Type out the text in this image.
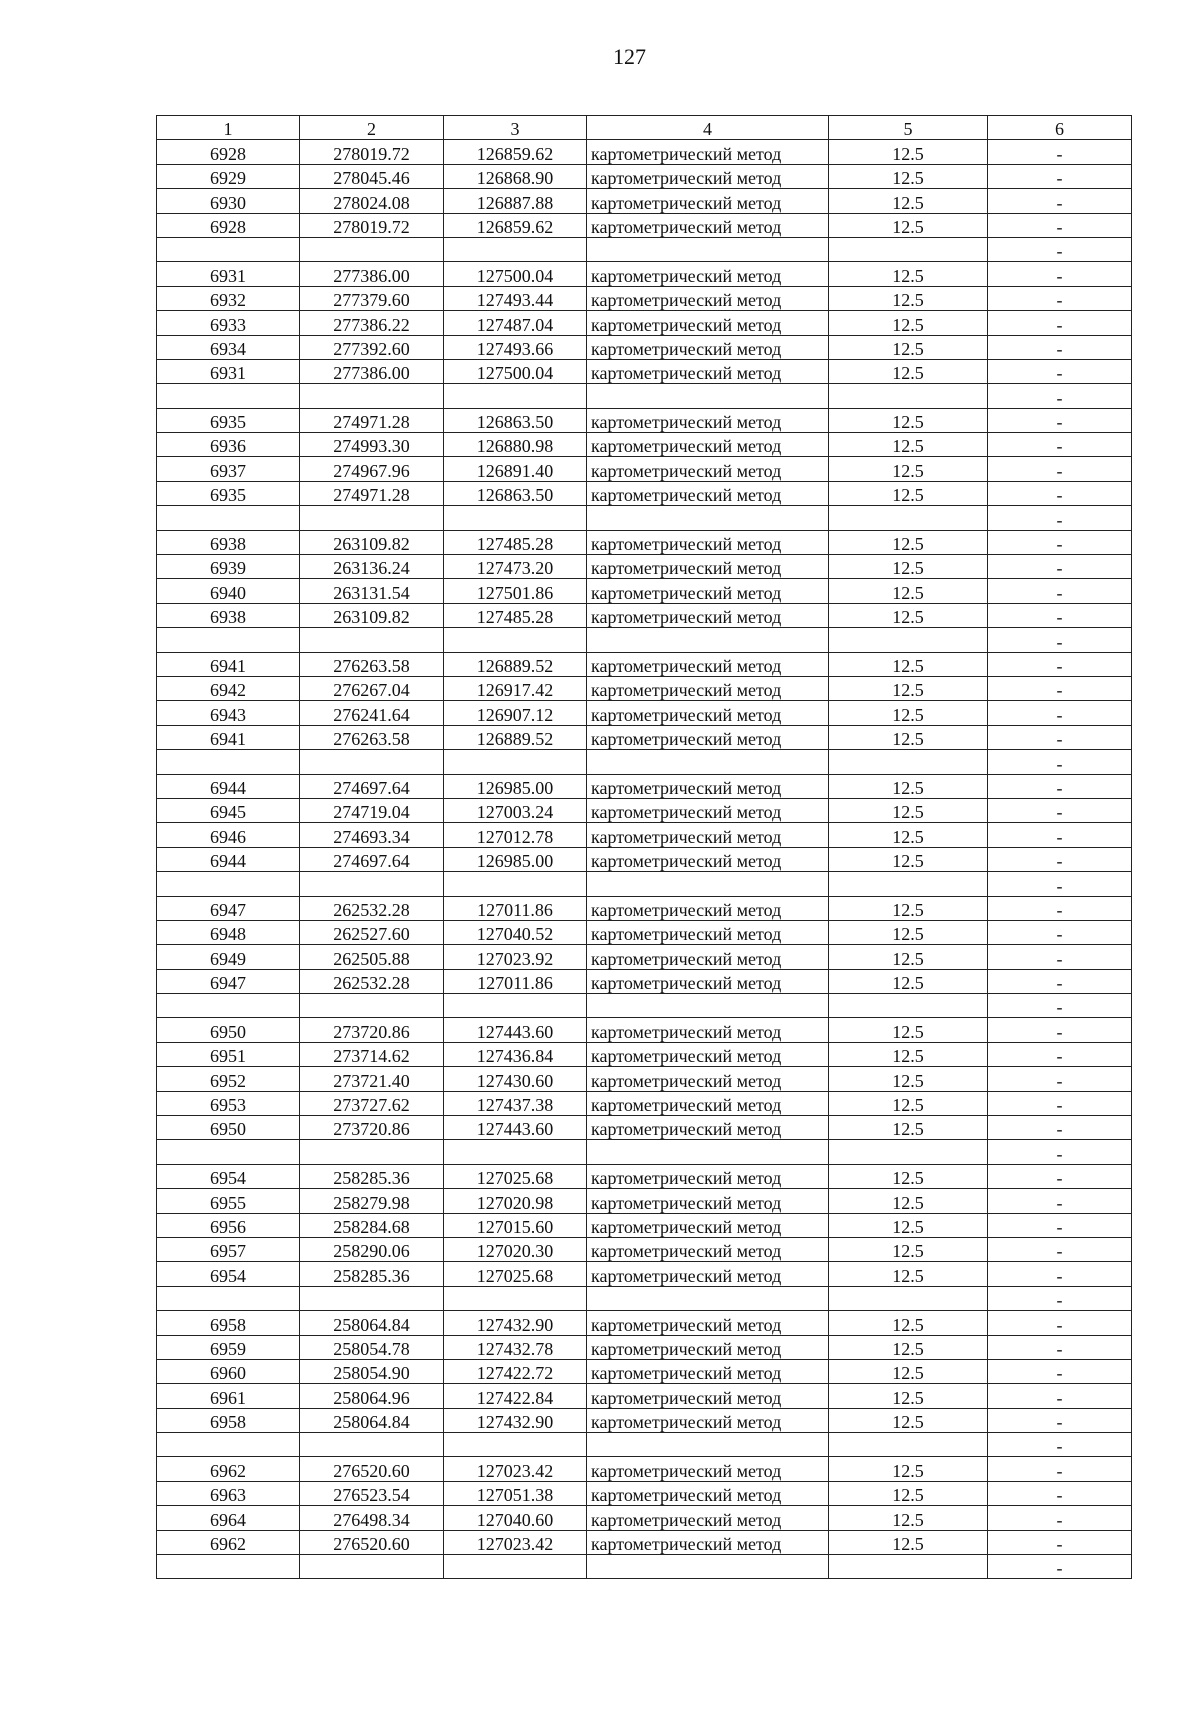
127
1	2	3	4	5	6
6928	278019.72	126859.62	картометрический метод	12.5	-
6929	278045.46	126868.90	картометрический метод	12.5	-
6930	278024.08	126887.88	картометрический метод	12.5	-
6928	278019.72	126859.62	картометрический метод	12.5	-
					-
6931	277386.00	127500.04	картометрический метод	12.5	-
6932	277379.60	127493.44	картометрический метод	12.5	-
6933	277386.22	127487.04	картометрический метод	12.5	-
6934	277392.60	127493.66	картометрический метод	12.5	-
6931	277386.00	127500.04	картометрический метод	12.5	-
					-
6935	274971.28	126863.50	картометрический метод	12.5	-
6936	274993.30	126880.98	картометрический метод	12.5	-
6937	274967.96	126891.40	картометрический метод	12.5	-
6935	274971.28	126863.50	картометрический метод	12.5	-
					-
6938	263109.82	127485.28	картометрический метод	12.5	-
6939	263136.24	127473.20	картометрический метод	12.5	-
6940	263131.54	127501.86	картометрический метод	12.5	-
6938	263109.82	127485.28	картометрический метод	12.5	-
					-
6941	276263.58	126889.52	картометрический метод	12.5	-
6942	276267.04	126917.42	картометрический метод	12.5	-
6943	276241.64	126907.12	картометрический метод	12.5	-
6941	276263.58	126889.52	картометрический метод	12.5	-
					-
6944	274697.64	126985.00	картометрический метод	12.5	-
6945	274719.04	127003.24	картометрический метод	12.5	-
6946	274693.34	127012.78	картометрический метод	12.5	-
6944	274697.64	126985.00	картометрический метод	12.5	-
					-
6947	262532.28	127011.86	картометрический метод	12.5	-
6948	262527.60	127040.52	картометрический метод	12.5	-
6949	262505.88	127023.92	картометрический метод	12.5	-
6947	262532.28	127011.86	картометрический метод	12.5	-
					-
6950	273720.86	127443.60	картометрический метод	12.5	-
6951	273714.62	127436.84	картометрический метод	12.5	-
6952	273721.40	127430.60	картометрический метод	12.5	-
6953	273727.62	127437.38	картометрический метод	12.5	-
6950	273720.86	127443.60	картометрический метод	12.5	-
					-
6954	258285.36	127025.68	картометрический метод	12.5	-
6955	258279.98	127020.98	картометрический метод	12.5	-
6956	258284.68	127015.60	картометрический метод	12.5	-
6957	258290.06	127020.30	картометрический метод	12.5	-
6954	258285.36	127025.68	картометрический метод	12.5	-
					-
6958	258064.84	127432.90	картометрический метод	12.5	-
6959	258054.78	127432.78	картометрический метод	12.5	-
6960	258054.90	127422.72	картометрический метод	12.5	-
6961	258064.96	127422.84	картометрический метод	12.5	-
6958	258064.84	127432.90	картометрический метод	12.5	-
					-
6962	276520.60	127023.42	картометрический метод	12.5	-
6963	276523.54	127051.38	картометрический метод	12.5	-
6964	276498.34	127040.60	картометрический метод	12.5	-
6962	276520.60	127023.42	картометрический метод	12.5	-
					-
